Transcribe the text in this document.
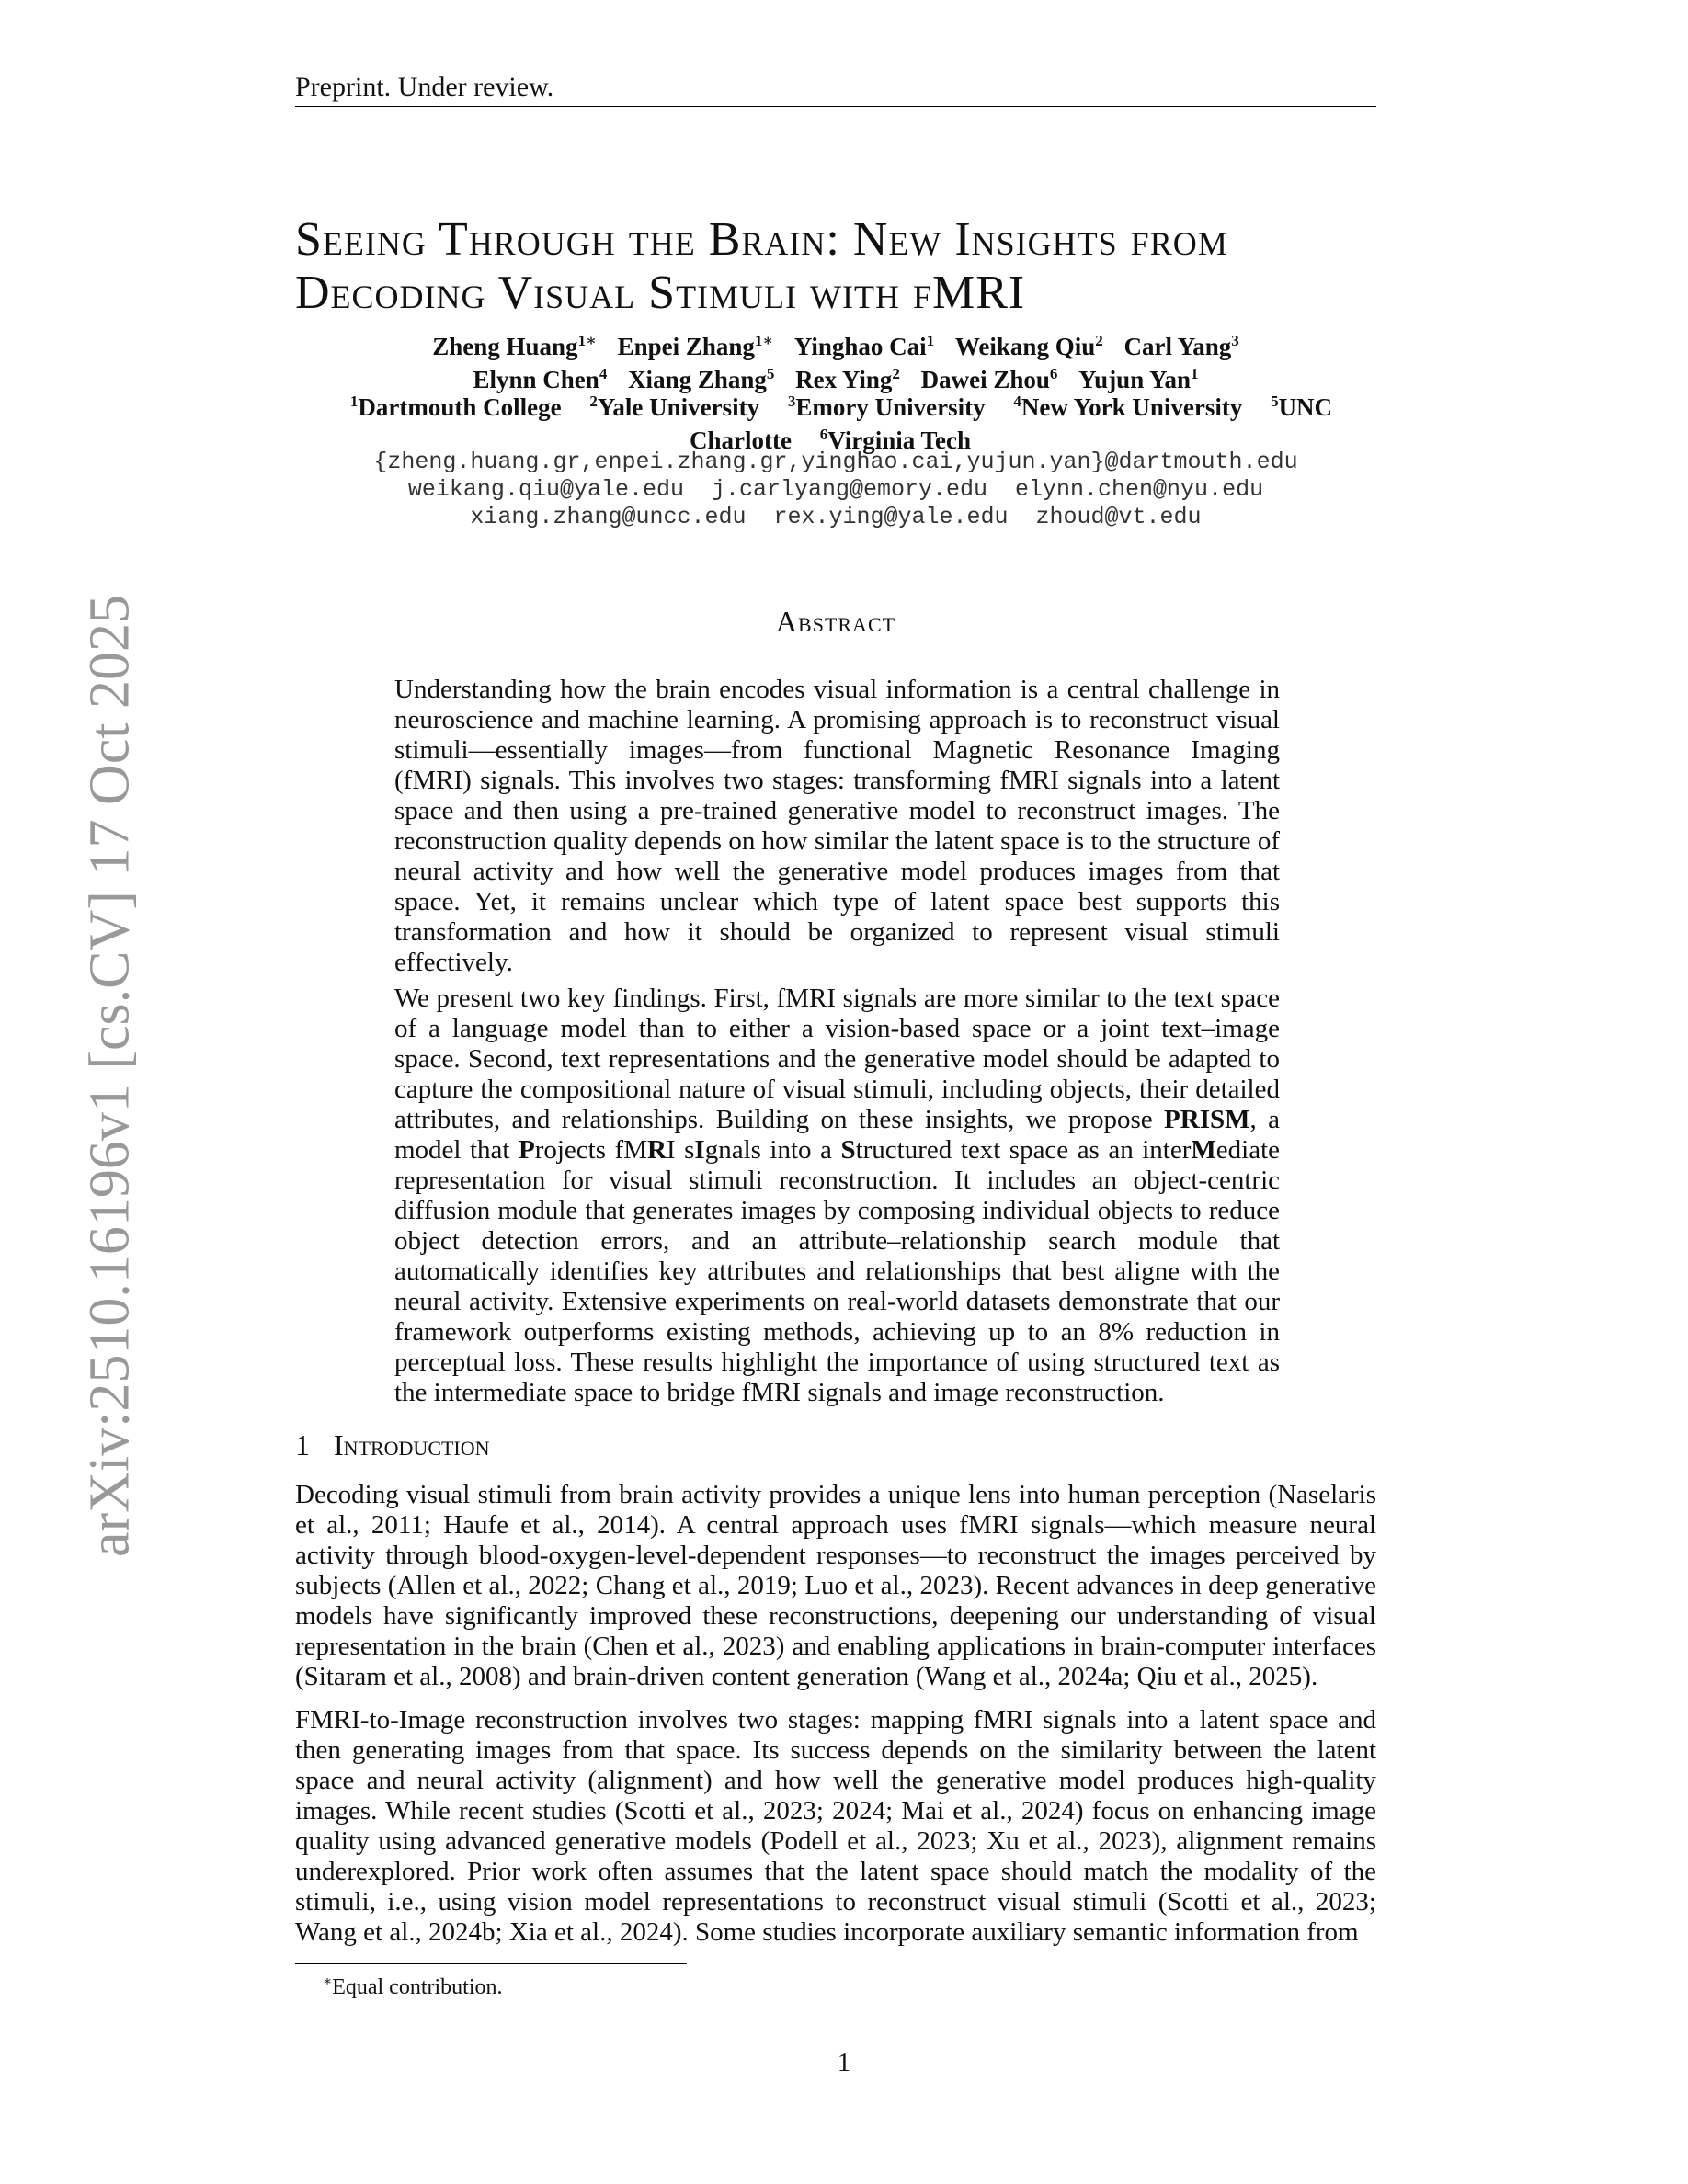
Preprint. Under review.
Seeing Through the Brain: New Insights from
Decoding Visual Stimuli with fMRI
Zheng Huang$^{1∗}$ Enpei Zhang$^{1∗}$ Yinghao Cai$^1$ Weikang Qiu$^2$ Carl Yang$^3$
Elynn Chen$^4$ Xiang Zhang$^5$ Rex Ying$^2$ Dawei Zhou$^6$ Yujun Yan$^1$
$^1$Dartmouth College $^2$Yale University $^3$Emory University $^4$New York University $^5$UNC Charlotte $^6$Virginia Tech
{zheng.huang.gr,enpei.zhang.gr,yinghao.cai,yujun.yan}@dartmouth.edu
weikang.qiu@yale.edu  j.carlyang@emory.edu  elynn.chen@nyu.edu
xiang.zhang@uncc.edu  rex.ying@yale.edu  zhoud@vt.edu
Abstract

Understanding how the brain encodes visual information is a central challenge in neuroscience and machine learning. A promising approach is to reconstruct visual stimuli—essentially images—from functional Magnetic Resonance Imaging (fMRI) signals. This involves two stages: transforming fMRI signals into a latent space and then using a pre-trained generative model to reconstruct images. The reconstruction quality depends on how similar the latent space is to the structure of neural activity and how well the generative model produces images from that space. Yet, it remains unclear which type of latent space best supports this transformation and how it should be organized to represent visual stimuli effectively.

We present two key findings. First, fMRI signals are more similar to the text space of a language model than to either a vision-based space or a joint text–image space. Second, text representations and the generative model should be adapted to capture the compositional nature of visual stimuli, including objects, their detailed attributes, and relationships. Building on these insights, we propose PRISM, a model that Projects fMRI sIgnals into a Structured text space as an interMediate representation for visual stimuli reconstruction. It includes an object-centric diffusion module that generates images by composing individual objects to reduce object detection errors, and an attribute–relationship search module that automatically identifies key attributes and relationships that best aligne with the neural activity. Extensive experiments on real-world datasets demonstrate that our framework outperforms existing methods, achieving up to an 8% reduction in perceptual loss. These results highlight the importance of using structured text as the intermediate space to bridge fMRI signals and image reconstruction.

1 Introduction

Decoding visual stimuli from brain activity provides a unique lens into human perception (Naselaris et al., 2011; Haufe et al., 2014). A central approach uses fMRI signals—which measure neural activity through blood-oxygen-level-dependent responses—to reconstruct the images perceived by subjects (Allen et al., 2022; Chang et al., 2019; Luo et al., 2023). Recent advances in deep generative models have significantly improved these reconstructions, deepening our understanding of visual representation in the brain (Chen et al., 2023) and enabling applications in brain-computer interfaces (Sitaram et al., 2008) and brain-driven content generation (Wang et al., 2024a; Qiu et al., 2025).

FMRI-to-Image reconstruction involves two stages: mapping fMRI signals into a latent space and then generating images from that space. Its success depends on the similarity between the latent space and neural activity (alignment) and how well the generative model produces high-quality images. While recent studies (Scotti et al., 2023; 2024; Mai et al., 2024) focus on enhancing image quality using advanced generative models (Podell et al., 2023; Xu et al., 2023), alignment remains underexplored. Prior work often assumes that the latent space should match the modality of the stimuli, i.e., using vision model representations to reconstruct visual stimuli (Scotti et al., 2023; Wang et al., 2024b; Xia et al., 2024). Some studies incorporate auxiliary semantic information from

∗Equal contribution.
1
arXiv:2510.16196v1 [cs.CV] 17 Oct 2025
